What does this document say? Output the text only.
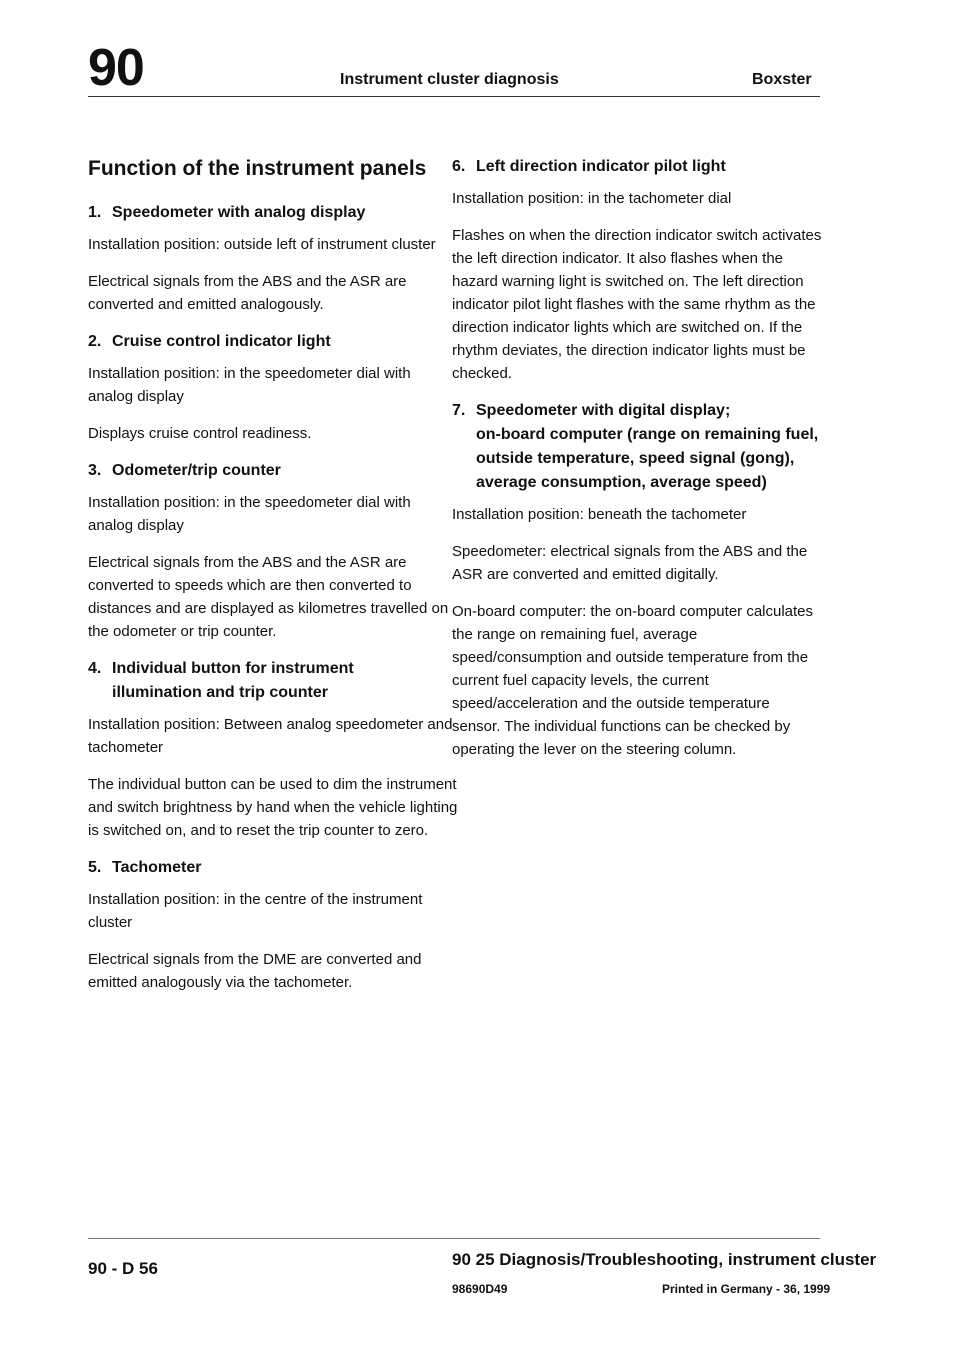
90	Instrument cluster diagnosis	Boxster
Function of the instrument panels
1. Speedometer with analog display

Installation position: outside left of instrument cluster

Electrical signals from the ABS and the ASR are converted and emitted analogously.

2. Cruise control indicator light

Installation position: in the speedometer dial with analog display

Displays cruise control readiness.

3. Odometer/trip counter

Installation position: in the speedometer dial with analog display

Electrical signals from the ABS and the ASR are converted to speeds which are then converted to distances and are displayed as kilometres travelled on the odometer or trip counter.

4. Individual button for instrument
illumination and trip counter

Installation position: Between analog speedometer and tachometer

The individual button can be used to dim the instrument and switch brightness by hand when the vehicle lighting is switched on, and to reset the trip counter to zero.

5. Tachometer

Installation position: in the centre of the instrument cluster

Electrical signals from the DME are converted and emitted analogously via the tachometer.

6. Left direction indicator pilot light

Installation position: in the tachometer dial

Flashes on when the direction indicator switch activates the left direction indicator. It also flashes when the hazard warning light is switched on. The left direction indicator pilot light flashes with the same rhythm as the direction indicator lights which are switched on. If the rhythm deviates, the direction indicator lights must be checked.

7. Speedometer with digital display;
on-board computer (range on remaining fuel, outside temperature, speed signal (gong), average consumption, average speed)

Installation position: beneath the tachometer

Speedometer: electrical signals from the ABS and the ASR are converted and emitted digitally.

On-board computer: the on-board computer calculates the range on remaining fuel, average speed/consumption and outside temperature from the current fuel capacity levels, the current speed/acceleration and the outside temperature sensor. The individual functions can be checked by operating the lever on the steering column.

90 - D 56	90 25 Diagnosis/Troubleshooting, instrument cluster
98690D49	Printed in Germany - 36, 1999
